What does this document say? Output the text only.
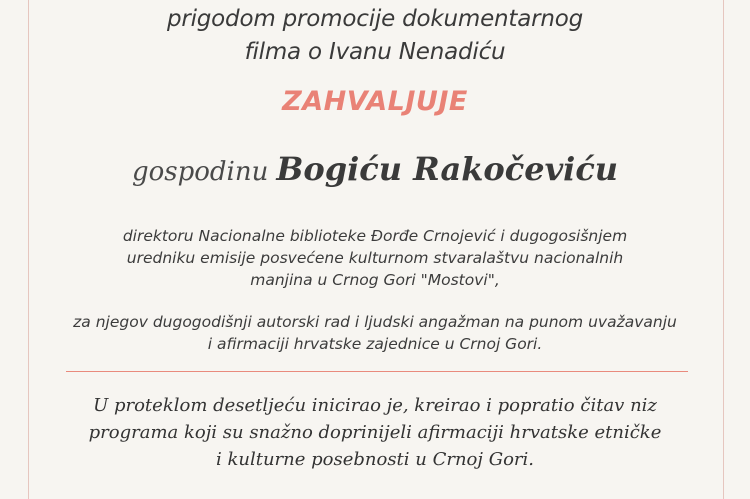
prigodom promocije dokumentarnog
filma o Ivanu Nenadiću
ZAHVALJUJE
gospodinu Bogiću Rakočeviću
direktoru Nacionalne biblioteke Đorđe Crnojević i dugogosišnjem
uredniku emisije posvećene kulturnom stvaralaštvu nacionalnih
manjina u Crnog Gori "Mostovi",
za njegov dugogodišnji autorski rad i ljudski angažman na punom uvažavanju
i afirmaciji hrvatske zajednice u Crnoj Gori.
U proteklom desetljeću inicirao je, kreirao i popratio čitav niz
programa koji su snažno doprinijeli afirmaciji hrvatske etničke
i kulturne posebnosti u Crnoj Gori.
